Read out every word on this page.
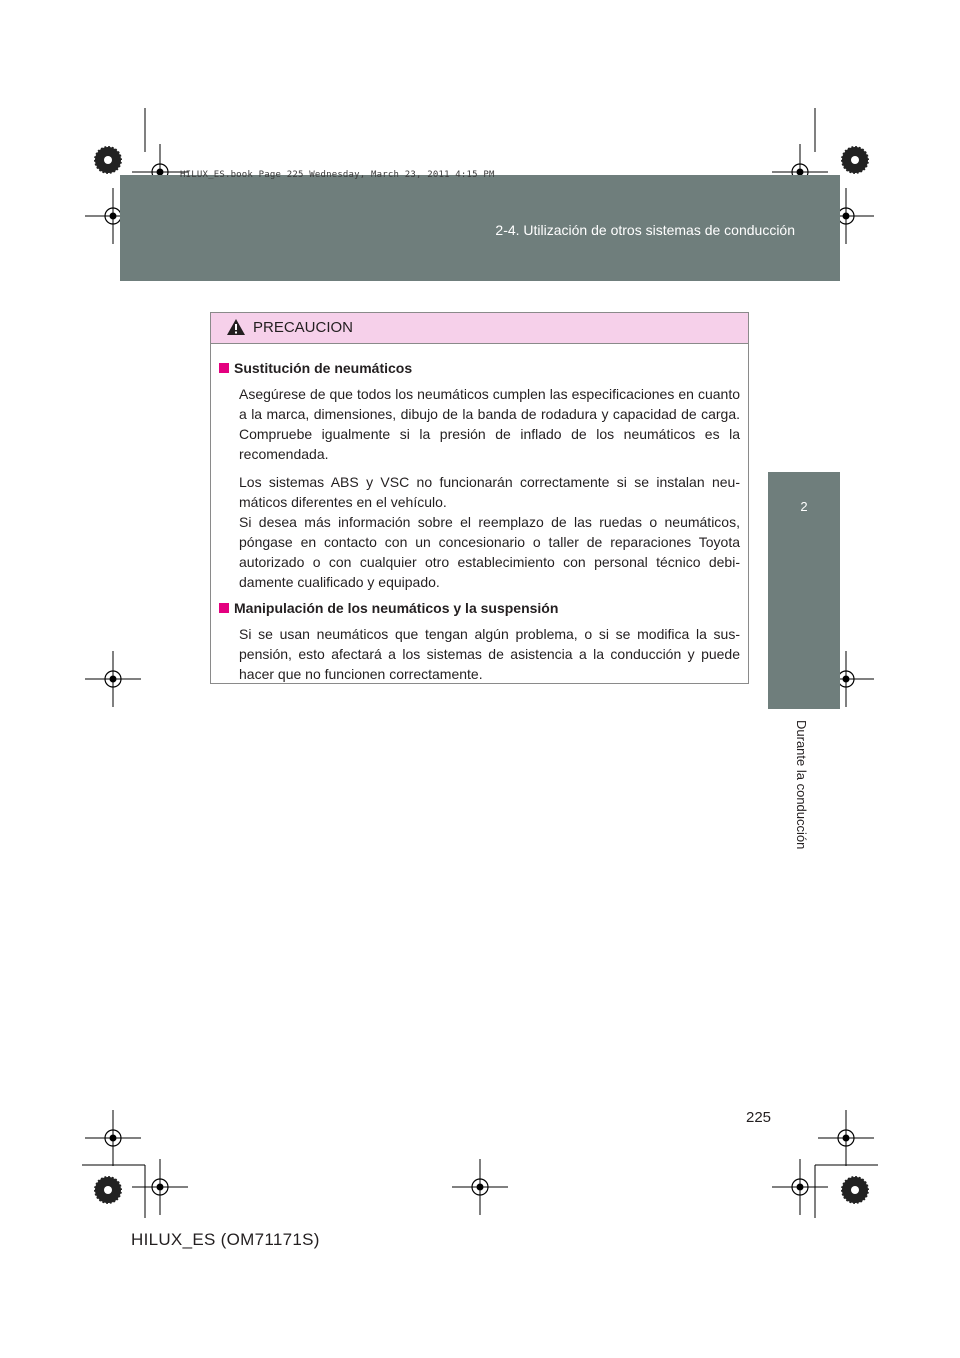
HILUX_ES.book Page 225 Wednesday, March 23, 2011 4:15 PM
2-4. Utilización de otros sistemas de conducción
2
Durante la conducción
PRECAUCION
Sustitución de neumáticos
Asegúrese de que todos los neumáticos cumplen las especificaciones en cuanto a la marca, dimensiones, dibujo de la banda de rodadura y capacidad de carga. Compruebe igualmente si la presión de inflado de los neumáticos es la recomendada.
Los sistemas ABS y VSC no funcionarán correctamente si se instalan neumáticos diferentes en el vehículo.
Si desea más información sobre el reemplazo de las ruedas o neumáticos, póngase en contacto con un concesionario o taller de reparaciones Toyota autorizado o con cualquier otro establecimiento con personal técnico debidamente cualificado y equipado.
Manipulación de los neumáticos y la suspensión
Si se usan neumáticos que tengan algún problema, o si se modifica la suspensión, esto afectará a los sistemas de asistencia a la conducción y puede hacer que no funcionen correctamente.
225
HILUX_ES (OM71171S)
